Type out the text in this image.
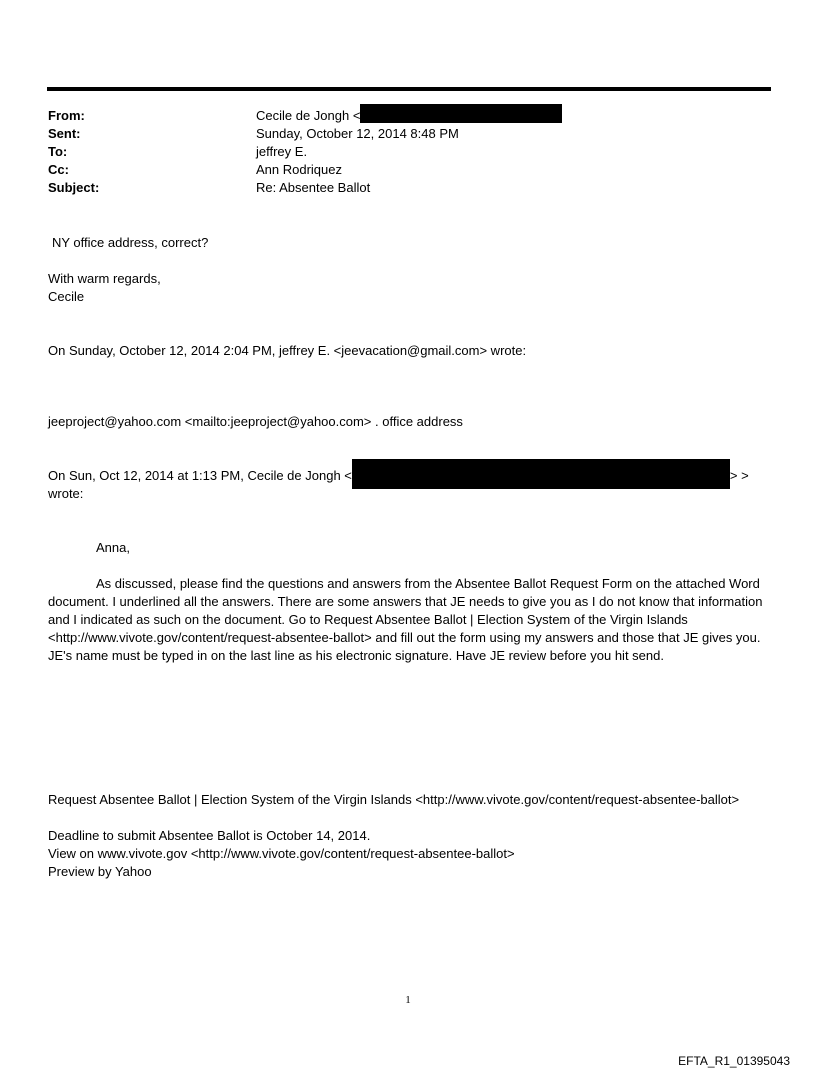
From:	Cecile de Jongh <
Sent:	Sunday, October 12, 2014 8:48 PM
To:	jeffrey E.
Cc:	Ann Rodriquez
Subject:	Re: Absentee Ballot
NY office address, correct?
With warm regards,
Cecile
On Sunday, October 12, 2014 2:04 PM, jeffrey E. <jeevacation@gmail.com> wrote:
jeeproject@yahoo.com <mailto:jeeproject@yahoo.com> . office address
On Sun, Oct 12, 2014 at 1:13 PM, Cecile de Jongh <	> >
wrote:
Anna,
As discussed, please find the questions and answers from the Absentee Ballot Request Form on the attached Word document. I underlined all the answers. There are some answers that JE needs to give you as I do not know that information and I indicated as such on the document. Go to Request Absentee Ballot | Election System of the Virgin Islands <http://www.vivote.gov/content/request-absentee-ballot> and fill out the form using my answers and those that JE gives you. JE's name must be typed in on the last line as his electronic signature. Have JE review before you hit send.
Request Absentee Ballot | Election System of the Virgin Islands <http://www.vivote.gov/content/request-absentee-ballot>
Deadline to submit Absentee Ballot is October 14, 2014.
View on www.vivote.gov <http://www.vivote.gov/content/request-absentee-ballot>
Preview by Yahoo
1
EFTA_R1_01395043
